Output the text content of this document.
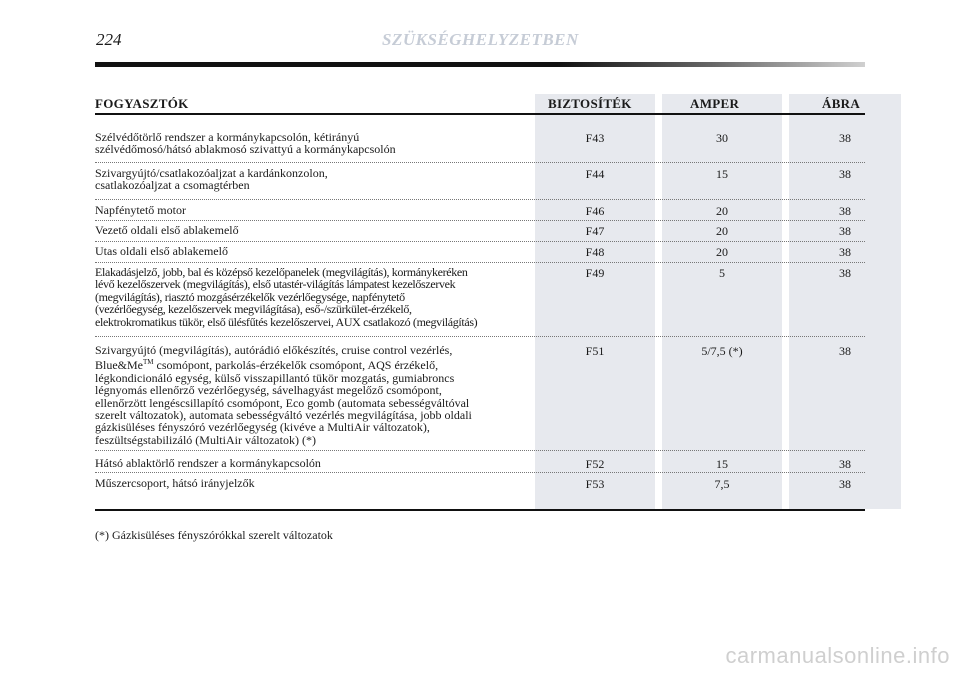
224	SZÜKSÉGHELYZETBEN
FOGYASZTÓK	BIZTOSÍTÉK	AMPER	ÁBRA
Szélvédőtörlő rendszer a kormánykapcsolón, kétirányú
szélvédőmosó/hátsó ablakmosó szivattyú a kormánykapcsolón
F43	30	38
Szivargyújtó/csatlakozóaljzat a kardánkonzolon,
csatlakozóaljzat a csomagtérben
F44	15	38
Napfénytető motor	F46	20	38
Vezető oldali első ablakemelő	F47	20	38
Utas oldali első ablakemelő	F48	20	38
Elakadásjelző, jobb, bal és középső kezelőpanelek (megvilágítás), kormánykeréken
lévő kezelőszervek (megvilágítás), első utastér-világítás lámpatest kezelőszervek
(megvilágítás), riasztó mozgásérzékelők vezérlőegysége, napfénytető
(vezérlőegység, kezelőszervek megvilágítása), eső-/szürkület-érzékelő,
elektrokromatikus tükör, első ülésfűtés kezelőszervei, AUX csatlakozó (megvilágítás)
F49	5	38
Szivargyújtó (megvilágítás), autórádió előkészítés, cruise control vezérlés,
Blue&Me™ csomópont, parkolás-érzékelők csomópont, AQS érzékelő,
légkondicionáló egység, külső visszapillantó tükör mozgatás, gumiabroncs
légnyomás ellenőrző vezérlőegység, sávelhagyást megelőző csomópont,
ellenőrzött lengéscsillapító csomópont, Eco gomb (automata sebességváltóval
szerelt változatok), automata sebességváltó vezérlés megvilágítása, jobb oldali
gázkisüléses fényszóró vezérlőegység (kivéve a MultiAir változatok),
feszültségstabilizáló (MultiAir változatok) (*)
F51	5/7,5 (*)	38
Hátsó ablaktörlő rendszer a kormánykapcsolón	F52	15	38
Műszercsoport, hátsó irányjelzők	F53	7,5	38
(*) Gázkisüléses fényszórókkal szerelt változatok
carmanualsonline.info
